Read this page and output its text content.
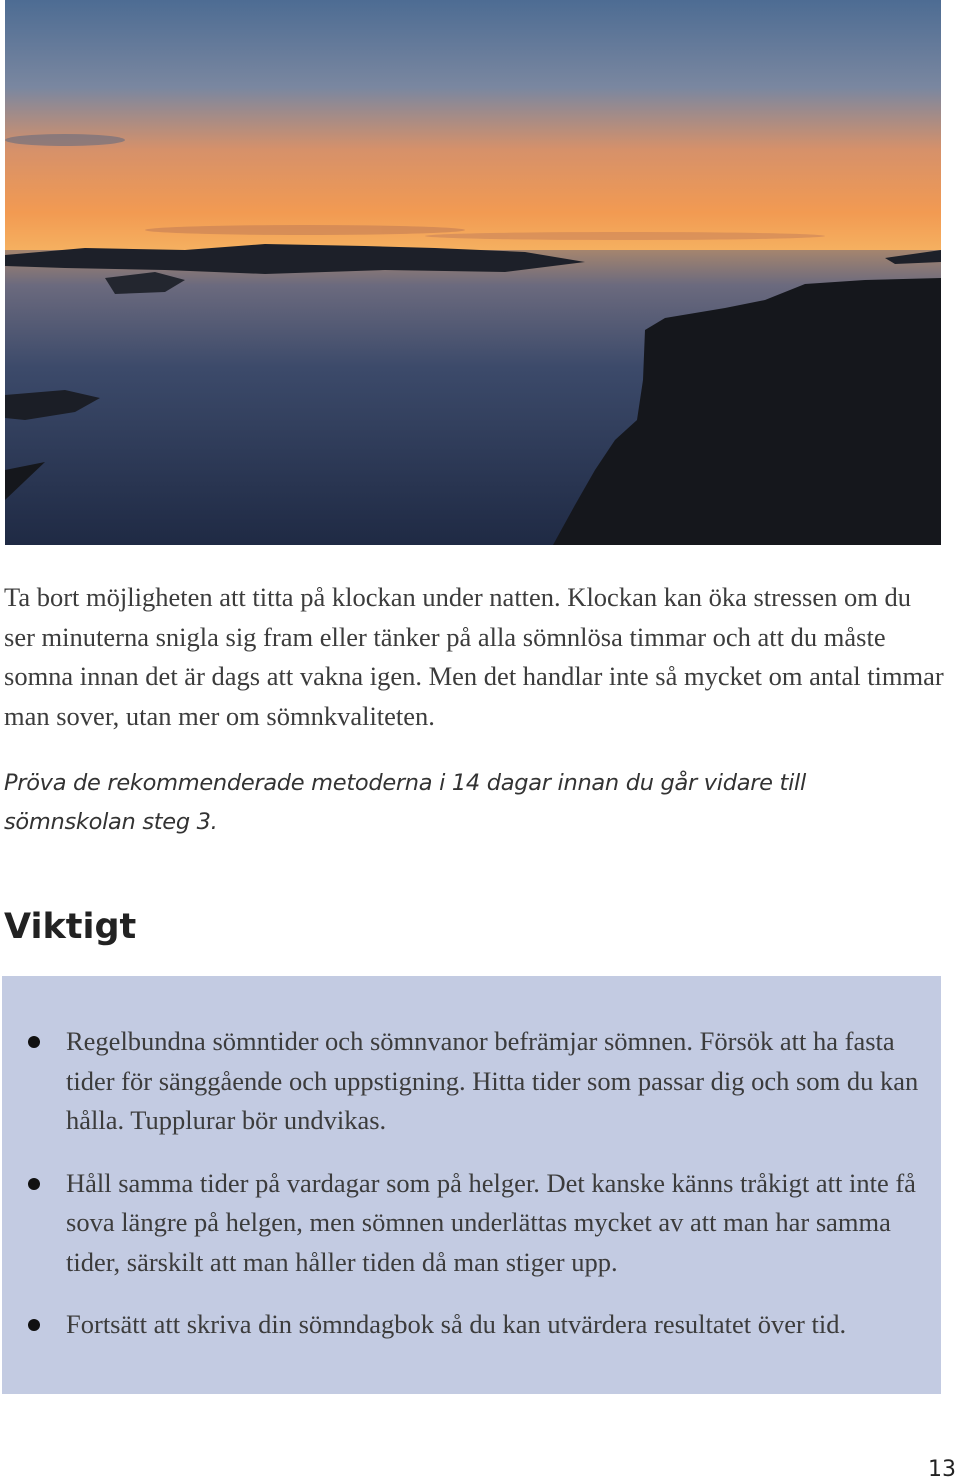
Ta bort möjligheten att titta på klockan under natten. Klockan kan öka stressen om du ser minuterna snigla sig fram eller tänker på alla sömnlösa timmar och att du måste somna innan det är dags att vakna igen. Men det handlar inte så mycket om antal timmar man sover, utan mer om sömnkvaliteten.

Pröva de rekommenderade metoderna i 14 dagar innan du går vidare till sömnskolan steg 3.

Viktigt
Regelbundna sömntider och sömnvanor befrämjar sömnen. Försök att ha fasta tider för sänggående och uppstigning. Hitta tider som passar dig och som du kan hålla. Tupplurar bör undvikas.
Håll samma tider på vardagar som på helger. Det kanske känns tråkigt att inte få sova längre på helgen, men sömnen underlättas mycket av att man har samma tider, särskilt att man håller tiden då man stiger upp.
Fortsätt att skriva din sömndagbok så du kan utvärdera resultatet över tid.

13
